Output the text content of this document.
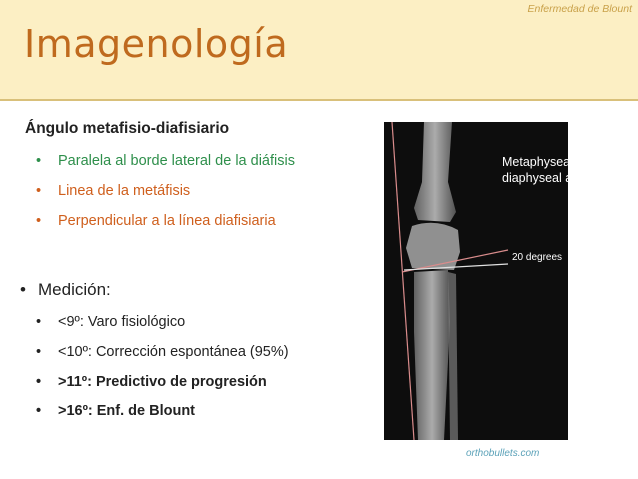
Enfermedad de Blount
Imagenología
Ángulo metafisio-diafisiario
• Paralela al borde lateral de la diáfisis
• Linea de la metáfisis
• Perpendicular a la línea diafisiaria
• Medición:
• <9º: Varo fisiológico
• <10º: Corrección espontánea (95%)
• >11º: Predictivo de progresión
• >16º: Enf. de Blount
Metaphyseal-
diaphyseal angle
20 degrees
orthobullets.com
